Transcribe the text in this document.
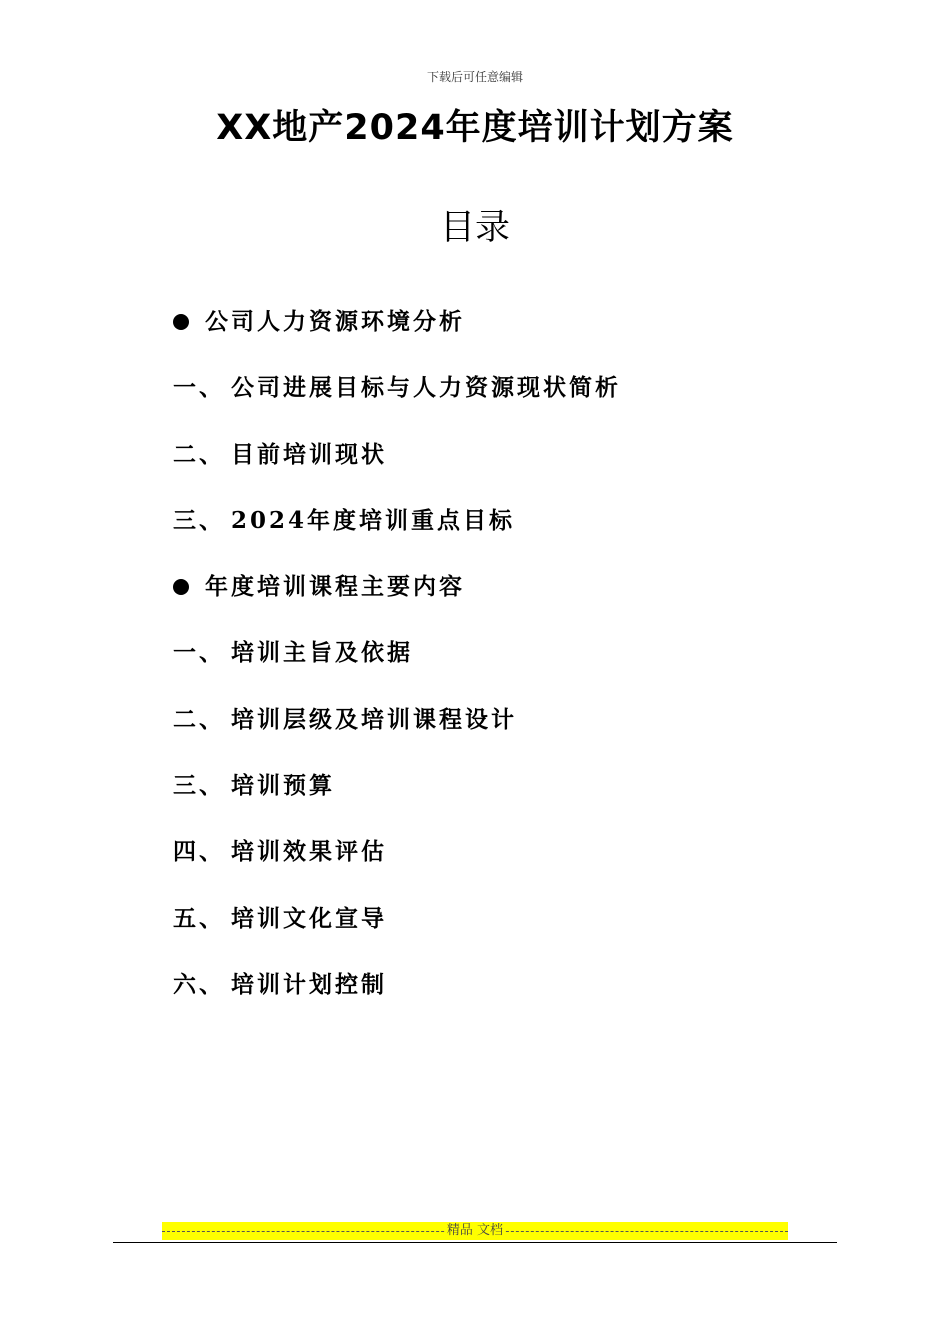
下载后可任意编辑
XX地产2024年度培训计划方案
目录
公司人力资源环境分析
一、 公司进展目标与人力资源现状简析
二、 目前培训现状
三、 2024年度培训重点目标
年度培训课程主要内容
一、 培训主旨及依据
二、 培训层级及培训课程设计
三、 培训预算
四、 培训效果评估
五、 培训文化宣导
六、 培训计划控制
精品 文档
